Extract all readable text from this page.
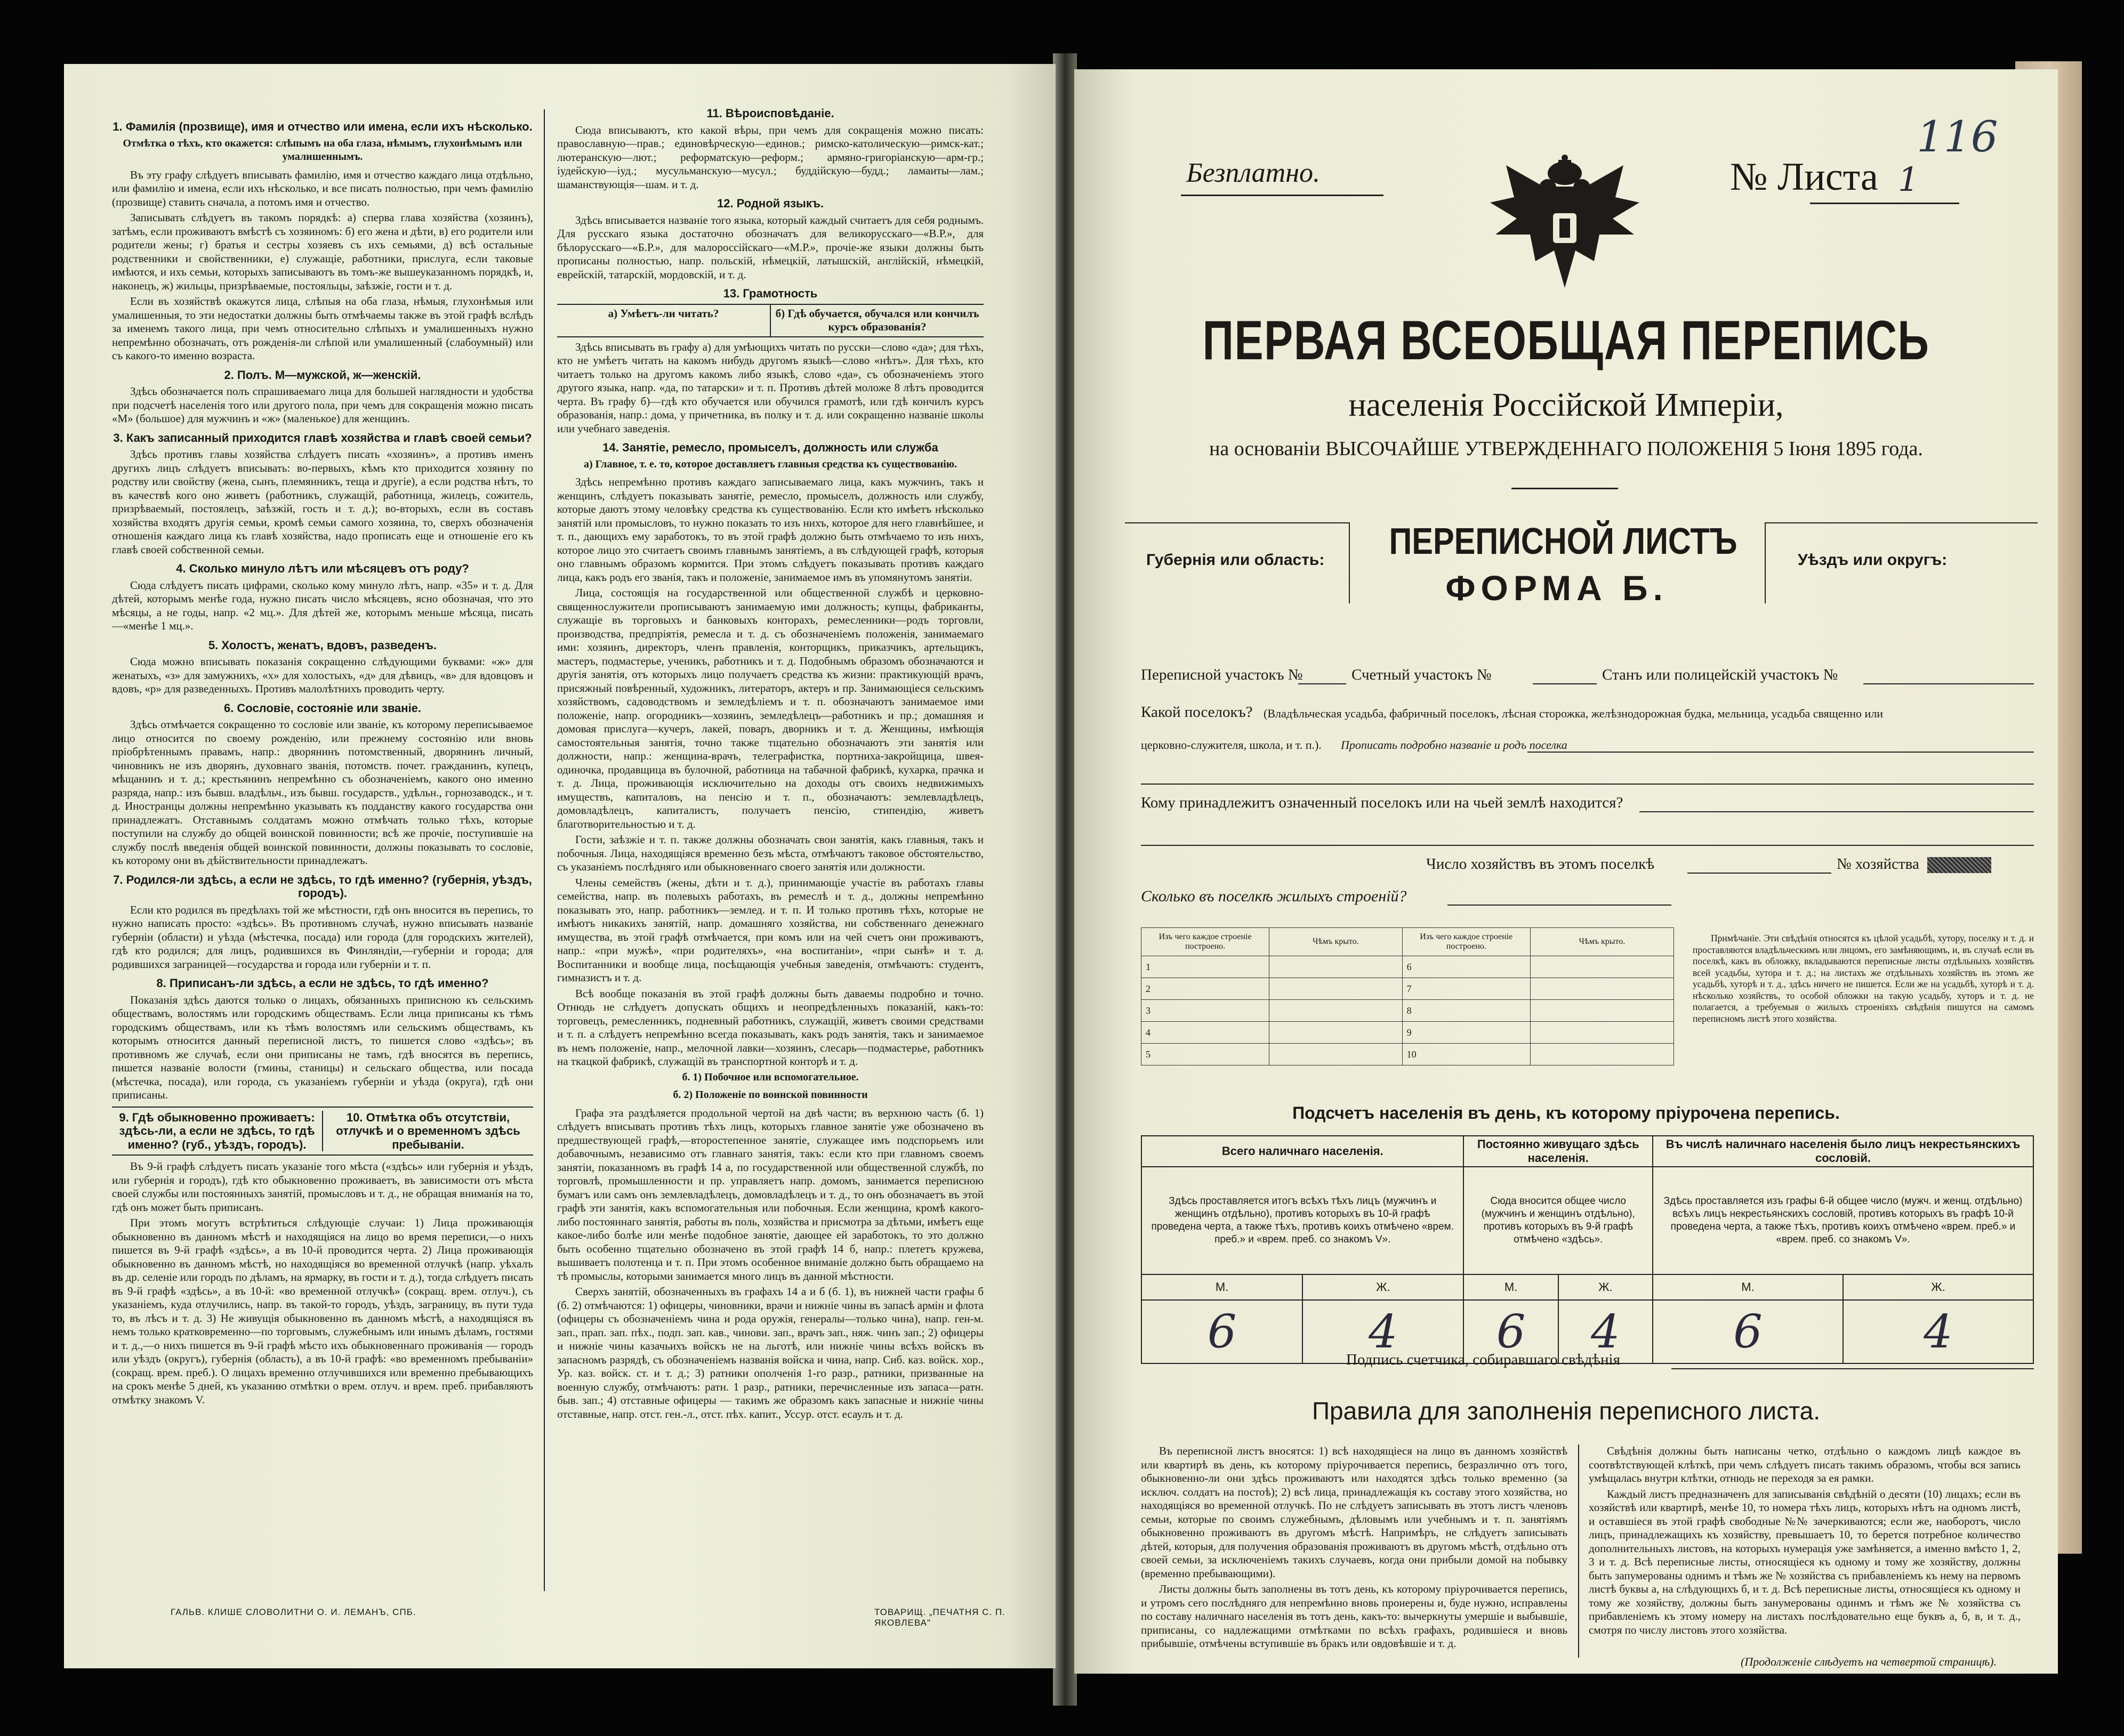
1. Фамилія (прозвище), имя и отчество или имена, если ихъ нѣсколько.
Отмѣтка о тѣхъ, кто окажется: слѣпымъ на оба глаза, нѣмымъ, глухонѣмымъ или умалишеннымъ.

Въ эту графу слѣдуетъ вписывать фамилію, имя и отчество каждаго лица отдѣльно, или фамилію и имена, если ихъ нѣсколько, и все писать полностью, при чемъ фамилію (прозвище) ставить сначала, а потомъ имя и отчество.

Записывать слѣдуетъ въ такомъ порядкѣ: а) сперва глава хозяйства (хозяинъ), затѣмъ, если проживаютъ вмѣстѣ съ хозяиномъ: б) его жена и дѣти, в) его родители или родители жены; г) братья и сестры хозяевъ съ ихъ семьями, д) всѣ остальные родственники и свойственники, е) служащіе, работники, прислуга, если таковые имѣются, и ихъ семьи, которыхъ записываютъ въ томъ-же вышеуказанномъ порядкѣ, и, наконецъ, ж) жильцы, призрѣваемые, постояльцы, заѣзжіе, гости и т. д.

Если въ хозяйствѣ окажутся лица, слѣпыя на оба глаза, нѣмыя, глухонѣмыя или умалишенныя, то эти недостатки должны быть отмѣчаемы также въ этой графѣ вслѣдъ за именемъ такого лица, при чемъ относительно слѣпыхъ и умалишенныхъ нужно непремѣнно обозначать, отъ рожденія-ли слѣпой или умалишенный (слабоумный) или съ какого-то именно возраста.

2. Полъ. М—мужской, ж—женскій.

Здѣсь обозначается полъ спрашиваемаго лица для большей наглядности и удобства при подсчетѣ населенія того или другого пола, при чемъ для сокращенія можно писать «М» (большое) для мужчинъ и «ж» (маленькое) для женщинъ.

3. Какъ записанный приходится главѣ хозяйства и главѣ своей семьи?

Здѣсь противъ главы хозяйства слѣдуетъ писать «хозяинъ», а противъ именъ другихъ лицъ слѣдуетъ вписывать: во-первыхъ, кѣмъ кто приходится хозяину по родству или свойству (жена, сынъ, племянникъ, теща и другіе), а если родства нѣтъ, то въ качествѣ кого оно живетъ (работникъ, служащій, работница, жилецъ, сожитель, призрѣваемый, постоялецъ, заѣзжій, гость и т. д.); во-вторыхъ, если въ составъ хозяйства входятъ другія семьи, кромѣ семьи самого хозяина, то, сверхъ обозначенія отношенія каждаго лица къ главѣ хозяйства, надо прописать еще и отношеніе его къ главѣ своей собственной семьи.

4. Сколько минуло лѣтъ или мѣсяцевъ отъ роду?

Сюда слѣдуетъ писать цифрами, сколько кому минуло лѣтъ, напр. «35» и т. д. Для дѣтей, которымъ менѣе года, нужно писать число мѣсяцевъ, ясно обозначая, что это мѣсяцы, а не годы, напр. «2 мц.». Для дѣтей же, которымъ меньше мѣсяца, писать—«менѣе 1 мц.».

5. Холостъ, женатъ, вдовъ, разведенъ.

Сюда можно вписывать показанія сокращенно слѣдующими буквами: «ж» для женатыхъ, «з» для замужнихъ, «х» для холостыхъ, «д» для дѣвицъ, «в» для вдовцовъ и вдовъ, «р» для разведенныхъ. Противъ малолѣтнихъ проводить черту.

6. Сословіе, состояніе или званіе.

Здѣсь отмѣчается сокращенно то сословіе или званіе, къ которому переписываемое лицо относится по своему рожденію, или прежнему состоянію или вновь пріобрѣтеннымъ правамъ, напр.: дворянинъ потомственный, дворянинъ личный, чиновникъ не изъ дворянъ, духовнаго званія, потомств. почет. гражданинъ, купецъ, мѣщанинъ и т. д.; крестьянинъ непремѣнно съ обозначеніемъ, какого оно именно разряда, напр.: изъ бывш. владѣльч., изъ бывш. государств., удѣльн., горнозаводск., и т. д. Иностранцы должны непремѣнно указывать къ подданству какого государства они принадлежатъ. Отставнымъ солдатамъ можно отмѣчать только тѣхъ, которые поступили на службу до общей воинской повинности; всѣ же прочіе, поступившіе на службу послѣ введенія общей воинской повинности, должны показывать то сословіе, къ которому они въ дѣйствительности принадлежатъ.

7. Родился-ли здѣсь, а если не здѣсь, то гдѣ именно? (губернія, уѣздъ, городъ).

Если кто родился въ предѣлахъ той же мѣстности, гдѣ онъ вносится въ перепись, то нужно написать просто: «здѣсь». Въ противномъ случаѣ, нужно вписывать названіе губерніи (области) и уѣзда (мѣстечка, посада) или города (для городскихъ жителей), гдѣ кто родился; для лицъ, родившихся въ Финляндіи,—губерніи и города; для родившихся заграницей—государства и города или губерніи и т. п.

8. Приписанъ-ли здѣсь, а если не здѣсь, то гдѣ именно?

Показанія здѣсь даются только о лицахъ, обязанныхъ приписною къ сельскимъ обществамъ, волостямъ или городскимъ обществамъ. Если лица приписаны къ тѣмъ городскимъ обществамъ, или къ тѣмъ волостямъ или сельскимъ обществамъ, къ которымъ относится данный переписной листъ, то пишется слово «здѣсь»; въ противномъ же случаѣ, если они приписаны не тамъ, гдѣ вносятся въ перепись, пишется названіе волости (гмины, станицы) и сельскаго общества, или посада (мѣстечка, посада), или города, съ указаніемъ губерніи и уѣзда (округа), гдѣ они приписаны.

9. Гдѣ обыкновенно проживаетъ: здѣсь-ли, а если не здѣсь, то гдѣ именно? (губ., уѣздъ, городъ).
10. Отмѣтка объ отсутствіи, отлучкѣ и о временномъ здѣсь пребываніи.

Въ 9-й графѣ слѣдуетъ писать указаніе того мѣста («здѣсь» или губернія и уѣздъ, или губернія и городъ), гдѣ кто обыкновенно проживаетъ, въ зависимости отъ мѣста своей службы или постоянныхъ занятій, промысловъ и т. д., не обращая вниманія на то, гдѣ онъ может быть приписанъ.

При этомъ могутъ встрѣтиться слѣдующіе случаи: 1) Лица проживающія обыкновенно въ данномъ мѣстѣ и находящіяся на лицо во время переписи,—о нихъ пишется въ 9-й графѣ «здѣсь», а въ 10-й проводится черта. 2) Лица проживающія обыкновенно въ данномъ мѣстѣ, но находящіяся во временной отлучкѣ (напр. уѣхалъ въ др. селеніе или городъ по дѣламъ, на ярмарку, въ гости и т. д.), тогда слѣдуетъ писать въ 9-й графѣ «здѣсь», а въ 10-й: «во временной отлучкѣ» (сокращ. врем. отлуч.), съ указаніемъ, куда отлучились, напр. въ такой-то городъ, уѣздъ, заграницу, въ пути туда то, въ лѣсъ и т. д. 3) Не живущія обыкновенно въ данномъ мѣстѣ, а находящіяся въ немъ только кратковременно—по торговымъ, служебнымъ или инымъ дѣламъ, гостями и т. д.,—о нихъ пишется въ 9-й графѣ мѣсто ихъ обыкновеннаго проживанія — городъ или уѣздъ (округъ), губернія (область), а въ 10-й графѣ: «во временномъ пребываніи» (сокращ. врем. преб.). О лицахъ временно отлучившихся или временно пребывающихъ на срокъ менѣе 5 дней, къ указанию отмѣтки о врем. отлуч. и врем. преб. прибавляютъ отмѣтку знакомъ V.

11. Вѣроисповѣданіе.

Сюда вписываютъ, кто какой вѣры, при чемъ для сокращенія можно писать: православную—прав.; единовѣрческую—единов.; римско-католическую—римск-кат.; лютеранскую—лют.; реформатскую—реформ.; армяно-григоріанскую—арм-гр.; іудейскую—іуд.; мусульманскую—мусул.; буддійскую—будд.; ламаиты—лам.; шаманствующія—шам. и т. д.

12. Родной языкъ.

Здѣсь вписывается названіе того языка, который каждый считаетъ для себя роднымъ. Для русскаго языка достаточно обозначатъ для великорусскаго—«В.Р.», для бѣлорусскаго—«Б.Р.», для малороссійскаго—«М.Р.», прочіе-же языки должны быть прописаны полностью, напр. польскій, нѣмецкій, латышскій, англійскій, нѣмецкій, еврейскій, татарскій, мордовскій, и т. д.

13. Грамотность
а) Умѣетъ-ли читать?	б) Гдѣ обучается, обучался или кончилъ курсъ образованія?

Здѣсь вписывать въ графу а) для умѣющихъ читать по русски—слово «да»; для тѣхъ, кто не умѣетъ читать на какомъ нибудь другомъ языкѣ—слово «нѣтъ». Для тѣхъ, кто читаетъ только на другомъ какомъ либо языкѣ, слово «да», съ обозначеніемъ этого другого языка, напр. «да, по татарски» и т. п. Противъ дѣтей моложе 8 лѣтъ проводится черта. Въ графу б)—гдѣ кто обучается или обучился грамотѣ, или гдѣ кончилъ курсъ образованія, напр.: дома, у причетника, въ полку и т. д. или сокращенно названіе школы или учебнаго заведенія.

14. Занятіе, ремесло, промыселъ, должность или служба
а) Главное, т. е. то, которое доставляетъ главныя средства къ существованію.

Здѣсь непремѣнно противъ каждаго записываемаго лица, какъ мужчинъ, такъ и женщинъ, слѣдуетъ показывать занятіе, ремесло, промыселъ, должность или службу, которые даютъ этому человѣку средства къ существованію. Если кто имѣетъ нѣсколько занятій или промысловъ, то нужно показать то изъ нихъ, которое для него главнѣйшее, и т. п., дающихъ ему заработокъ, то въ этой графѣ должно быть отмѣчаемо то изъ нихъ, которое лицо это считаетъ своимъ главнымъ занятіемъ, а въ слѣдующей графѣ, которыя оно главнымъ образомъ кормится. При этомъ слѣдуетъ показывать противъ каждаго лица, какъ родъ его званія, такъ и положеніе, занимаемое имъ въ упомянутомъ занятіи.

Лица, состоящія на государственной или общественной службѣ и церковно-священнослужители прописываютъ занимаемую ими должность; купцы, фабриканты, служащіе въ торговыхъ и банковыхъ конторахъ, ремесленники—родъ торговли, производства, предпріятія, ремесла и т. д. съ обозначеніемъ положенія, занимаемаго ими: хозяинъ, директоръ, членъ правленія, конторщикъ, приказчикъ, артельщикъ, мастеръ, подмастерье, ученикъ, работникъ и т. д. Подобнымъ образомъ обозначаются и другія занятія, отъ которыхъ лицо получаетъ средства къ жизни: практикующій врачъ, присяжный повѣренный, художникъ, литераторъ, актеръ и пр. Занимающіеся сельскимъ хозяйствомъ, садоводствомъ и земледѣліемъ и т. п. обозначаютъ занимаемое ими положеніе, напр. огородникъ—хозяинъ, земледѣлецъ—работникъ и пр.; домашняя и домовая прислуга—кучеръ, лакей, поваръ, дворникъ и т. д. Женщины, имѣющія самостоятельныя занятія, точно также тщательно обозначаютъ эти занятія или должности, напр.: женщина-врачъ, телеграфистка, портниха-закройщица, швея-одиночка, продавщица въ булочной, работница на табачной фабрикѣ, кухарка, прачка и т. д. Лица, проживающія исключительно на доходы отъ своихъ недвижимыхъ имуществъ, капиталовъ, на пенсію и т. п., обозначаютъ: землевладѣлецъ, домовладѣлецъ, капиталистъ, получаетъ пенсію, стипендію, живетъ благотворительностью и т. д.

Гости, заѣзжіе и т. п. также должны обозначать свои занятія, какъ главныя, такъ и побочныя. Лица, находящіяся временно безъ мѣста, отмѣчаютъ таковое обстоятельство, съ указаніемъ послѣдняго или обыкновеннаго своего занятія или должности.

Члены семействъ (жены, дѣти и т. д.), принимающіе участіе въ работахъ главы семейства, напр. въ полевыхъ работахъ, въ ремеслѣ и т. д., должны непремѣнно показывать это, напр. работникъ—землед. и т. п. И только противъ тѣхъ, которые не имѣютъ никакихъ занятій, напр. домашняго хозяйства, ни собственнаго денежнаго имущества, въ этой графѣ отмѣчается, при комъ или на чей счетъ они проживаютъ, напр.: «при мужѣ», «при родителяхъ», «на воспитаніи», «при сынѣ» и т. д. Воспитанники и вообще лица, посѣщающія учебныя заведенія, отмѣчаютъ: студентъ, гимназистъ и т. д.

Всѣ вообще показанія въ этой графѣ должны быть даваемы подробно и точно. Отнюдь не слѣдуетъ допускать общихъ и неопредѣленныхъ показаній, какъ-то: торговецъ, ремесленникъ, подневный работникъ, служащій, живетъ своими средствами и т. п. а слѣдуетъ непремѣнно всегда показывать, какъ родъ занятія, такъ и занимаемое въ немъ положеніе, напр., мелочной лавки—хозяинъ, слесарь—подмастерье, работникъ на ткацкой фабрикѣ, служащій въ транспортной конторѣ и т. д.

б. 1) Побочное или вспомогательное.
б. 2) Положеніе по воинской повинности

Графа эта раздѣляется продольной чертой на двѣ части; въ верхнюю часть (б. 1) слѣдуетъ вписывать противъ тѣхъ лицъ, которыхъ главное занятіе уже обозначено въ предшествующей графѣ,—второстепенное занятіе, служащее имъ подспорьемъ или добавочнымъ, независимо отъ главнаго занятія, такъ: если кто при главномъ своемъ занятіи, показанномъ въ графѣ 14 а, по государственной или общественной службѣ, по торговлѣ, промышленности и пр. управляетъ напр. домомъ, занимается переписною бумагъ или самъ онъ землевладѣлецъ, домовладѣлецъ и т. д., то онъ обозначаетъ въ этой графѣ эти занятія, какъ вспомогательныя или побочныя. Если женщина, кромѣ какого-либо постояннаго занятія, работы въ поль, хозяйства и присмотра за дѣтьми, имѣетъ еще какое-либо болѣе или менѣе подобное занятіе, дающее ей заработокъ, то это должно быть особенно тщательно обозначено въ этой графѣ 14 б, напр.: плететъ кружева, вышиваетъ полотенца и т. п. При этомъ особенное вниманіе должно быть обращаемо на тѣ промыслы, которыми занимается много лицъ въ данной мѣстности.

Сверхъ занятій, обозначенныхъ въ графахъ 14 а и б (б. 1), въ нижней части графы б (б. 2) отмѣчаются: 1) офицеры, чиновники, врачи и нижніе чины въ запасѣ армін и флота (офицеры съ обозначеніемъ чина и рода оружія, генералы—только чина), напр. ген-м. зап., прап. зап. пѣх., подп. зап. кав., чинови. зап., врачъ зап., няж. чинъ зап.; 2) офицеры и нижніе чины казачьихъ войскъ не на льготѣ, или нижніе чины всѣхъ войскъ въ запасномъ разрядѣ, съ обозначеніемъ названія войска и чина, напр. Сиб. каз. войск. хор., Ур. каз. войск. ст. и т. д.; 3) ратники ополченія 1-го разр., ратники, призванные на военную службу, отмѣчаютъ: ратн. 1 разр., ратники, перечисленные изъ запаса—ратн. быв. зап.; 4) отставные офицеры — такимъ же образомъ какъ запасные и нижніе чины отставные, напр. отст. ген.-л., отст. пѣх. капит., Уссур. отст. есаулъ и т. д.

ГАЛЬВ. КЛИШЕ СЛОВОЛИТНИ О. И. ЛЕМАНЪ, СПБ.	ТОВАРИЩ. „ПЕЧАТНЯ С. П. ЯКОВЛЕВА"
Безплатно.	№ Листа 1
116
ПЕРВАЯ ВСЕОБЩАЯ ПЕРЕПИСЬ
населенія Россійской Имперіи,
на основаніи ВЫСОЧАЙШЕ УТВЕРЖДЕННАГО ПОЛОЖЕНІЯ 5 Іюня 1895 года.
Губернія или область: ПЕРЕПИСНОЙ ЛИСТЪ
ФОРМА Б.
Уѣздъ или округъ:
Переписной участокъ №	Счетный участокъ №	Станъ или полицейскій участокъ №
Какой поселокъ? (Владѣльческая усадьба, фабричный поселокъ, лѣсная сторожка, желѣзнодорожная будка, мельница, усадьба священно или
церковно-служителя, школа, и т. п.). Прописать подробно названіе и родъ поселка
Кому принадлежитъ означенный поселокъ или на чьей землѣ находится?
Число хозяйствъ въ этомъ поселкѣ	№ хозяйства
Сколько въ поселкѣ жилыхъ строеній?
Изъ чего каждое строеніе построено.	Чѣмъ крыто.	Изъ чего каждое строеніе построено.	Чѣмъ крыто.
1		6	
2		7	
3		8	
4		9	
5		10	

Примѣчаніе. Эти свѣдѣнія относятся къ цѣлой усадьбѣ, хутору, поселку и т. д. и проставляются владѣльческимъ или лицомъ, его замѣняющимъ, и, въ случаѣ если въ поселкѣ, какъ въ обложку, вкладываются переписные листы отдѣльныхъ хозяйствъ всей усадьбы, хутора и т. д.; на листахъ же отдѣльныхъ хозяйствъ въ этомъ же усадьбѣ, хуторѣ и т. д., здѣсь ничего не пишется. Если же на усадьбѣ, хуторѣ и т. д. нѣсколько хозяйствъ, то особой обложки на такую усадьбу, хуторъ и т. д. не полагается, а требуемыя о жилыхъ строеніяхъ свѣдѣнія пишутся на самомъ переписномъ листѣ этого хозяйства.

Подсчетъ населенія въ день, къ которому пріурочена перепись.
Всего наличнаго населенія.		Постоянно живущаго здѣсь населенія.		Въ числѣ наличнаго населенія было лицъ некрестьянскихъ сословій.	
Здѣсь проставляется итогъ всѣхъ тѣхъ лицъ (мужчинъ и женщинъ отдѣльно), противъ которыхъ въ 10-й графѣ проведена черта, а также тѣхъ, противъ коихъ отмѣчено «врем. преб.» и «врем. преб. со знакомъ V».		Сюда вносится общее число (мужчинъ и женщинъ отдѣльно), противъ которыхъ въ 9-й графѣ отмѣчено «здѣсь».		Здѣсь проставляется изъ графы 6-й общее число (мужч. и женщ. отдѣльно) всѣхъ лицъ некрестьянскихъ сословій, противъ которыхъ въ графѣ 10-й проведена черта, а также тѣхъ, противъ коихъ отмѣчено «врем. преб.» и «врем. преб. со знакомъ V».	
М.	Ж.	М.	Ж.	М.	Ж.
6	4	6	4	6	4
Подпись счетчика, собиравшаго свѣдѣнія
Правила для заполненія переписного листа.

Въ переписной листъ вносятся: 1) всѣ находящіеся на лицо въ данномъ хозяйствѣ или квартирѣ въ день, къ которому пріурочивается перепись, безразлично отъ того, обыкновенно-ли они здѣсь проживаютъ или находятся здѣсь только временно (за исключ. солдатъ на постоѣ); 2) всѣ лица, принадлежащія къ составу этого хозяйства, но находящіяся во временной отлучкѣ. По не слѣдуетъ записывать въ этотъ листъ членовъ семьи, которые по своимъ служебнымъ, дѣловымъ или учебнымъ и т. п. занятіямъ обыкновенно проживаютъ въ другомъ мѣстѣ. Напримѣръ, не слѣдуетъ записывать дѣтей, которыя, для получения образованія проживаютъ въ другомъ мѣстѣ, отдѣльно отъ своей семьи, за исключеніемъ такихъ случаевъ, когда они прибыли домой на побывку (временно пребывающими).

Листы должны быть заполнены въ тотъ день, къ которому пріурочивается перепись, и утромъ сего послѣдняго для непремѣнно вновь проиерены и, буде нужно, исправлены по составу наличнаго населенія въ тотъ день, какъ-то: вычеркнуты умершіе и выбывшіе, приписаны, со надлежащими отмѣтками по всѣхъ графахъ, родившіеся и вновь прибывшіе, отмѣчены вступившіе въ бракъ или овдовѣвшіе и т. д.

Свѣдѣнія должны быть написаны четко, отдѣльно о каждомъ лицѣ каждое въ соотвѣтствующей клѣткѣ, при чемъ слѣдуетъ писать такимъ образомъ, чтобы вся запись умѣщалась внутри клѣтки, отнюдь не переходя за ея рамки.

Каждый листъ предназначенъ для записыванія свѣдѣній о десяти (10) лицахъ; если въ хозяйствѣ или квартирѣ, менѣе 10, то номера тѣхъ лицъ, которыхъ нѣтъ на одномъ листѣ, и оставшіеся въ этой графѣ свободные №№ зачеркиваются; если же, наоборотъ, число лицъ, принадлежащихъ къ хозяйству, превышаетъ 10, то берется потребное количество дополнительныхъ листовъ, на которыхъ нумерація уже замѣняется, а именно вмѣсто 1, 2, 3 и т. д. Всѣ переписные листы, относящіеся къ одному и тому же хозяйству, должны быть запумерованы однимъ и тѣмъ же № хозяйства съ прибавленіемъ къ нему на первомъ листѣ буквы а, на слѣдующихъ б, и т. д. Всѣ переписные листы, относящіеся къ одному и тому же хозяйству, должны быть занумерованы одинмъ и тѣмъ же № хозяйства съ прибавленіемъ къ этому номеру на листахъ послѣдовательно еще буквъ а, б, в, и т. д., смотря по числу листовъ этого хозяйства.

(Продолженіе слѣдуетъ на четвертой страницѣ).
